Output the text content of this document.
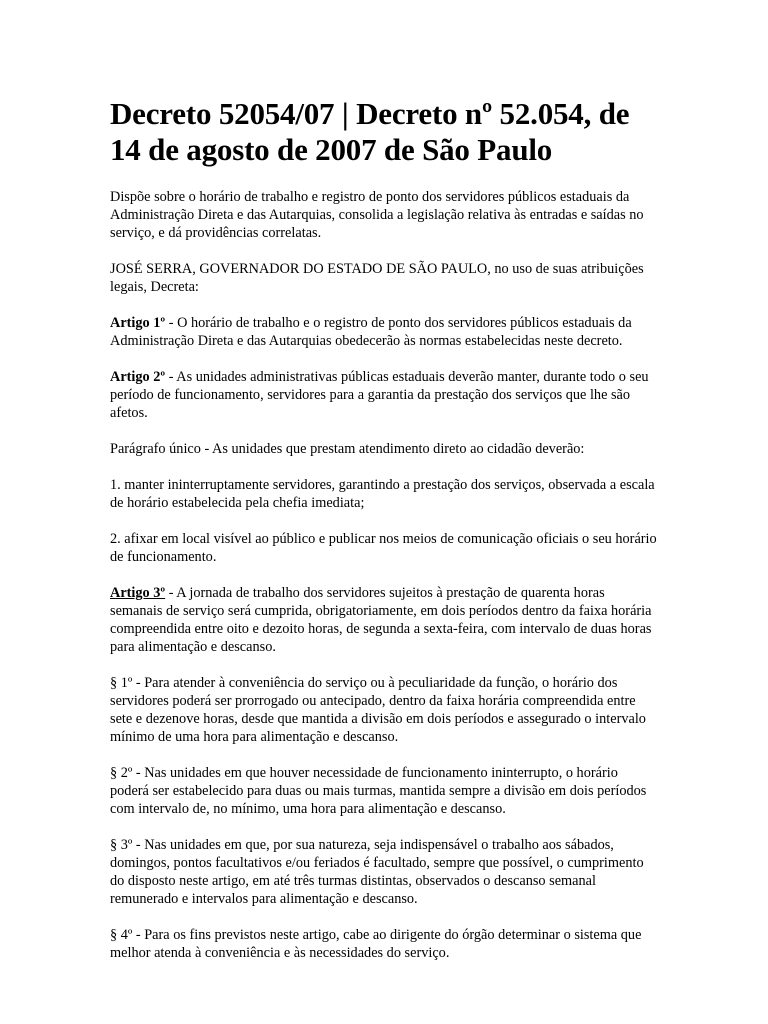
Decreto 52054/07 | Decreto nº 52.054, de 14 de agosto de 2007 de São Paulo

Dispõe sobre o horário de trabalho e registro de ponto dos servidores públicos estaduais da Administração Direta e das Autarquias, consolida a legislação relativa às entradas e saídas no serviço, e dá providências correlatas.

JOSÉ SERRA, GOVERNADOR DO ESTADO DE SÃO PAULO, no uso de suas atribuições legais, Decreta:

Artigo 1º - O horário de trabalho e o registro de ponto dos servidores públicos estaduais da Administração Direta e das Autarquias obedecerão às normas estabelecidas neste decreto.

Artigo 2º - As unidades administrativas públicas estaduais deverão manter, durante todo o seu período de funcionamento, servidores para a garantia da prestação dos serviços que lhe são afetos.

Parágrafo único - As unidades que prestam atendimento direto ao cidadão deverão:

1. manter ininterruptamente servidores, garantindo a prestação dos serviços, observada a escala de horário estabelecida pela chefia imediata;

2. afixar em local visível ao público e publicar nos meios de comunicação oficiais o seu horário de funcionamento.

Artigo 3º - A jornada de trabalho dos servidores sujeitos à prestação de quarenta horas semanais de serviço será cumprida, obrigatoriamente, em dois períodos dentro da faixa horária compreendida entre oito e dezoito horas, de segunda a sexta-feira, com intervalo de duas horas para alimentação e descanso.

§ 1º - Para atender à conveniência do serviço ou à peculiaridade da função, o horário dos servidores poderá ser prorrogado ou antecipado, dentro da faixa horária compreendida entre sete e dezenove horas, desde que mantida a divisão em dois períodos e assegurado o intervalo mínimo de uma hora para alimentação e descanso.

§ 2º - Nas unidades em que houver necessidade de funcionamento ininterrupto, o horário poderá ser estabelecido para duas ou mais turmas, mantida sempre a divisão em dois períodos com intervalo de, no mínimo, uma hora para alimentação e descanso.

§ 3º - Nas unidades em que, por sua natureza, seja indispensável o trabalho aos sábados, domingos, pontos facultativos e/ou feriados é facultado, sempre que possível, o cumprimento do disposto neste artigo, em até três turmas distintas, observados o descanso semanal remunerado e intervalos para alimentação e descanso.

§ 4º - Para os fins previstos neste artigo, cabe ao dirigente do órgão determinar o sistema que melhor atenda à conveniência e às necessidades do serviço.
